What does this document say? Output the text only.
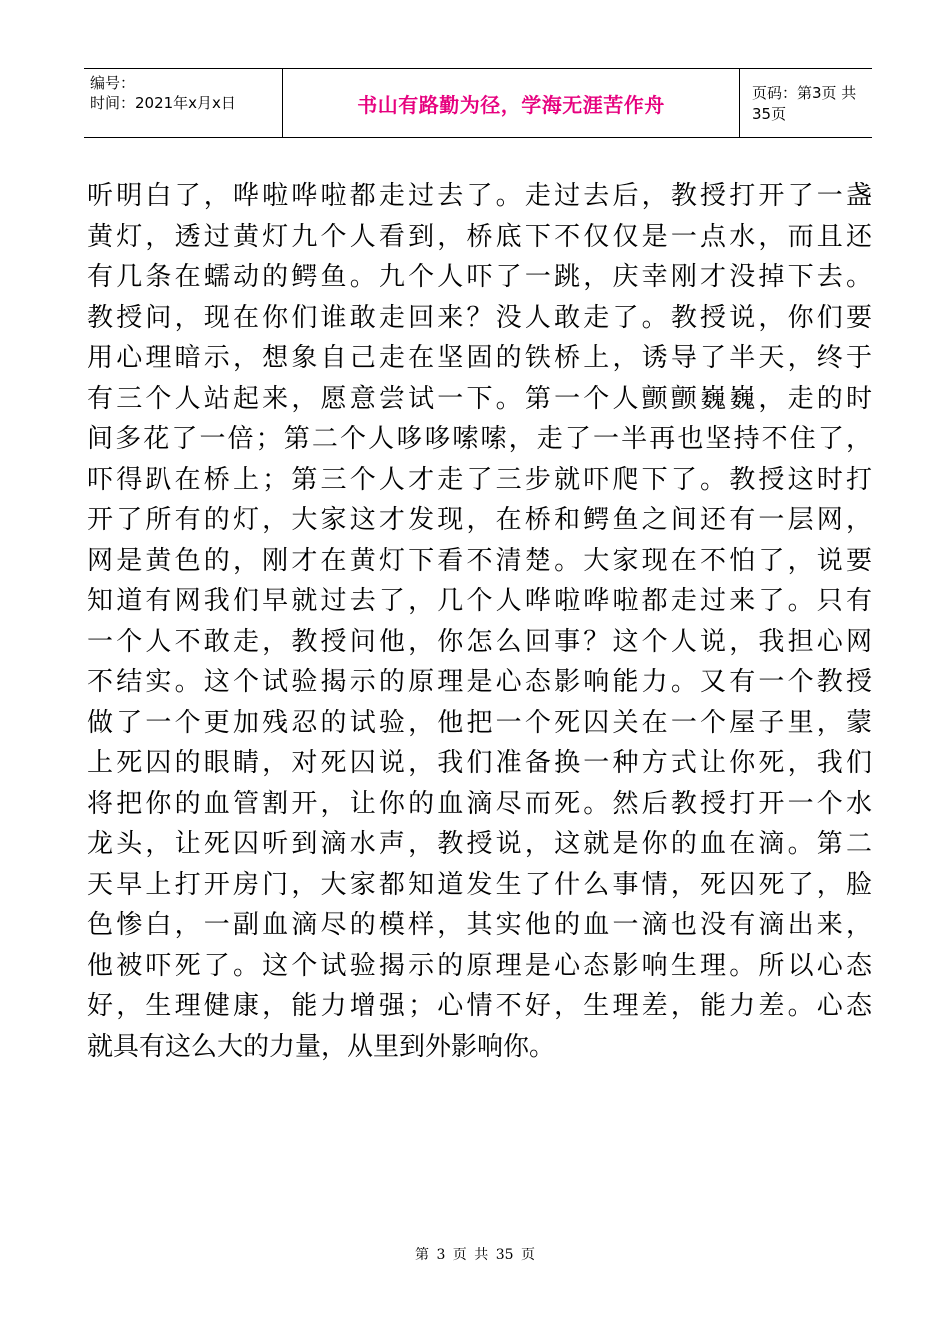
编号：
时间：2021年x月x日	书山有路勤为径，学海无涯苦作舟	页码：第3页 共35页
听明白了，哗啦哗啦都走过去了。走过去后，教授打开了一盏
黄灯，透过黄灯九个人看到，桥底下不仅仅是一点水，而且还
有几条在蠕动的鳄鱼。九个人吓了一跳，庆幸刚才没掉下去。
教授问，现在你们谁敢走回来？没人敢走了。教授说，你们要
用心理暗示，想象自己走在坚固的铁桥上，诱导了半天，终于
有三个人站起来，愿意尝试一下。第一个人颤颤巍巍，走的时
间多花了一倍；第二个人哆哆嗦嗦，走了一半再也坚持不住了，
吓得趴在桥上；第三个人才走了三步就吓爬下了。教授这时打
开了所有的灯，大家这才发现，在桥和鳄鱼之间还有一层网，
网是黄色的，刚才在黄灯下看不清楚。大家现在不怕了，说要
知道有网我们早就过去了，几个人哗啦哗啦都走过来了。只有
一个人不敢走，教授问他，你怎么回事？这个人说，我担心网
不结实。这个试验揭示的原理是心态影响能力。又有一个教授
做了一个更加残忍的试验，他把一个死囚关在一个屋子里，蒙
上死囚的眼睛，对死囚说，我们准备换一种方式让你死，我们
将把你的血管割开，让你的血滴尽而死。然后教授打开一个水
龙头，让死囚听到滴水声，教授说，这就是你的血在滴。第二
天早上打开房门，大家都知道发生了什么事情，死囚死了，脸
色惨白，一副血滴尽的模样，其实他的血一滴也没有滴出来，
他被吓死了。这个试验揭示的原理是心态影响生理。所以心态
好，生理健康，能力增强；心情不好，生理差，能力差。心态
就具有这么大的力量，从里到外影响你。
第 3 页 共 35 页
